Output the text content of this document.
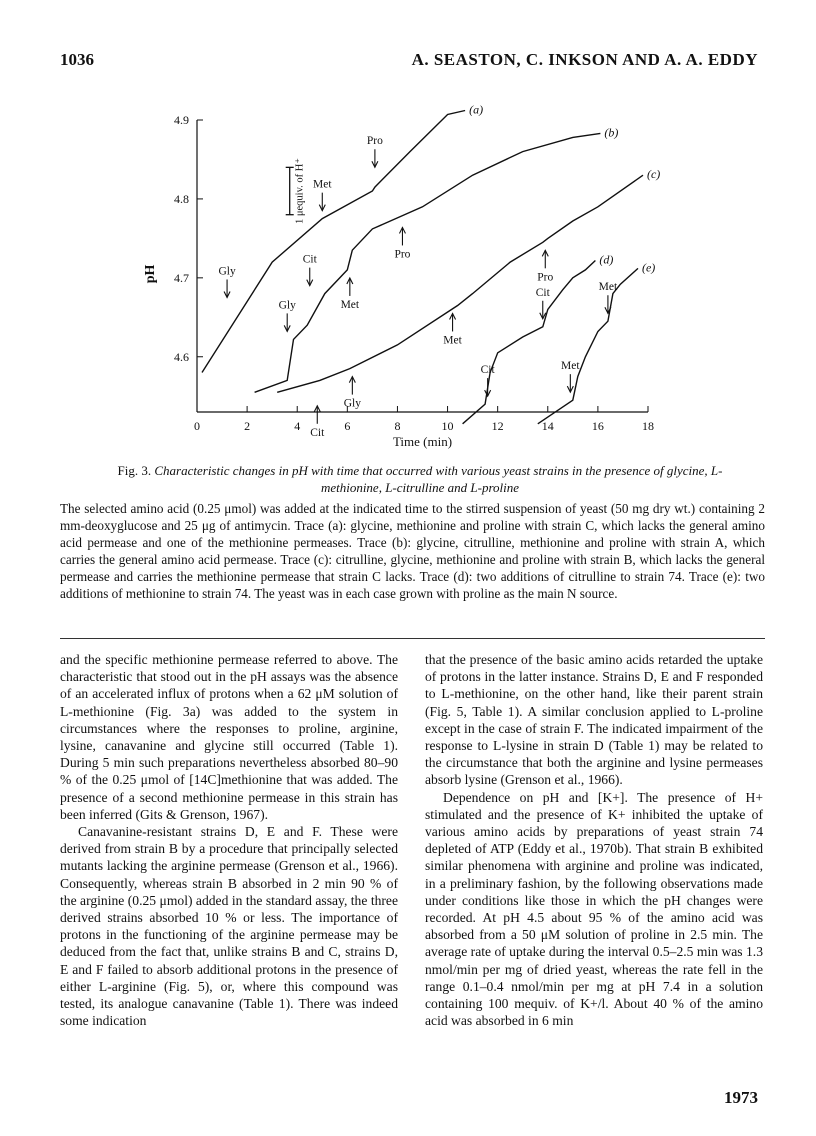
1036	A. SEASTON, C. INKSON AND A. A. EDDY
0	2	4	6	8	10	12	14	16	18
4.6
4.7
4.8
4.9
Time (min)
pH
1 μequiv. of H⁺
(a)
(b)
(c)
(d)
(e)
Gly
Met
Pro
Gly
Cit
Met
Pro
Cit
Gly
Met
Pro
Cit
Cit
Met
Met
Fig. 3. Characteristic changes in pH with time that occurred with various yeast strains in the presence of glycine, L-methionine, L-citrulline and L-proline
The selected amino acid (0.25 μmol) was added at the indicated time to the stirred suspension of yeast (50 mg dry wt.) containing 2 mm-deoxyglucose and 25 μg of antimycin. Trace (a): glycine, methionine and proline with strain C, which lacks the general amino acid permease and one of the methionine permeases. Trace (b): glycine, citrulline, methionine and proline with strain A, which carries the general amino acid permease. Trace (c): citrulline, glycine, methionine and proline with strain B, which lacks the general permease and carries the methionine permease that strain C lacks. Trace (d): two additions of citrulline to strain 74. Trace (e): two additions of methionine to strain 74. The yeast was in each case grown with proline as the main N source.

and the specific methionine permease referred to above. The characteristic that stood out in the pH assays was the absence of an accelerated influx of protons when a 62 μM solution of L-methionine (Fig. 3a) was added to the system in circumstances where the responses to proline, arginine, lysine, canavanine and glycine still occurred (Table 1). During 5 min such preparations nevertheless absorbed 80–90 % of the 0.25 μmol of [14C]methionine that was added. The presence of a second methionine permease in this strain has been inferred (Gits & Grenson, 1967).

Canavanine-resistant strains D, E and F. These were derived from strain B by a procedure that principally selected mutants lacking the arginine permease (Grenson et al., 1966). Consequently, whereas strain B absorbed in 2 min 90 % of the arginine (0.25 μmol) added in the standard assay, the three derived strains absorbed 10 % or less. The importance of protons in the functioning of the arginine permease may be deduced from the fact that, unlike strains B and C, strains D, E and F failed to absorb additional protons in the presence of either L-arginine (Fig. 5), or, where this compound was tested, its analogue canavanine (Table 1). There was indeed some indication

that the presence of the basic amino acids retarded the uptake of protons in the latter instance. Strains D, E and F responded to L-methionine, on the other hand, like their parent strain (Fig. 5, Table 1). A similar conclusion applied to L-proline except in the case of strain F. The indicated impairment of the response to L-lysine in strain D (Table 1) may be related to the circumstance that both the arginine and lysine permeases absorb lysine (Grenson et al., 1966).

Dependence on pH and [K+]. The presence of H+ stimulated and the presence of K+ inhibited the uptake of various amino acids by preparations of yeast strain 74 depleted of ATP (Eddy et al., 1970b). That strain B exhibited similar phenomena with arginine and proline was indicated, in a preliminary fashion, by the following observations made under conditions like those in which the pH changes were recorded. At pH 4.5 about 95 % of the amino acid was absorbed from a 50 μM solution of proline in 2.5 min. The average rate of uptake during the interval 0.5–2.5 min was 1.3 nmol/min per mg of dried yeast, whereas the rate fell in the range 0.1–0.4 nmol/min per mg at pH 7.4 in a solution containing 100 mequiv. of K+/l. About 40 % of the amino acid was absorbed in 6 min

1973
